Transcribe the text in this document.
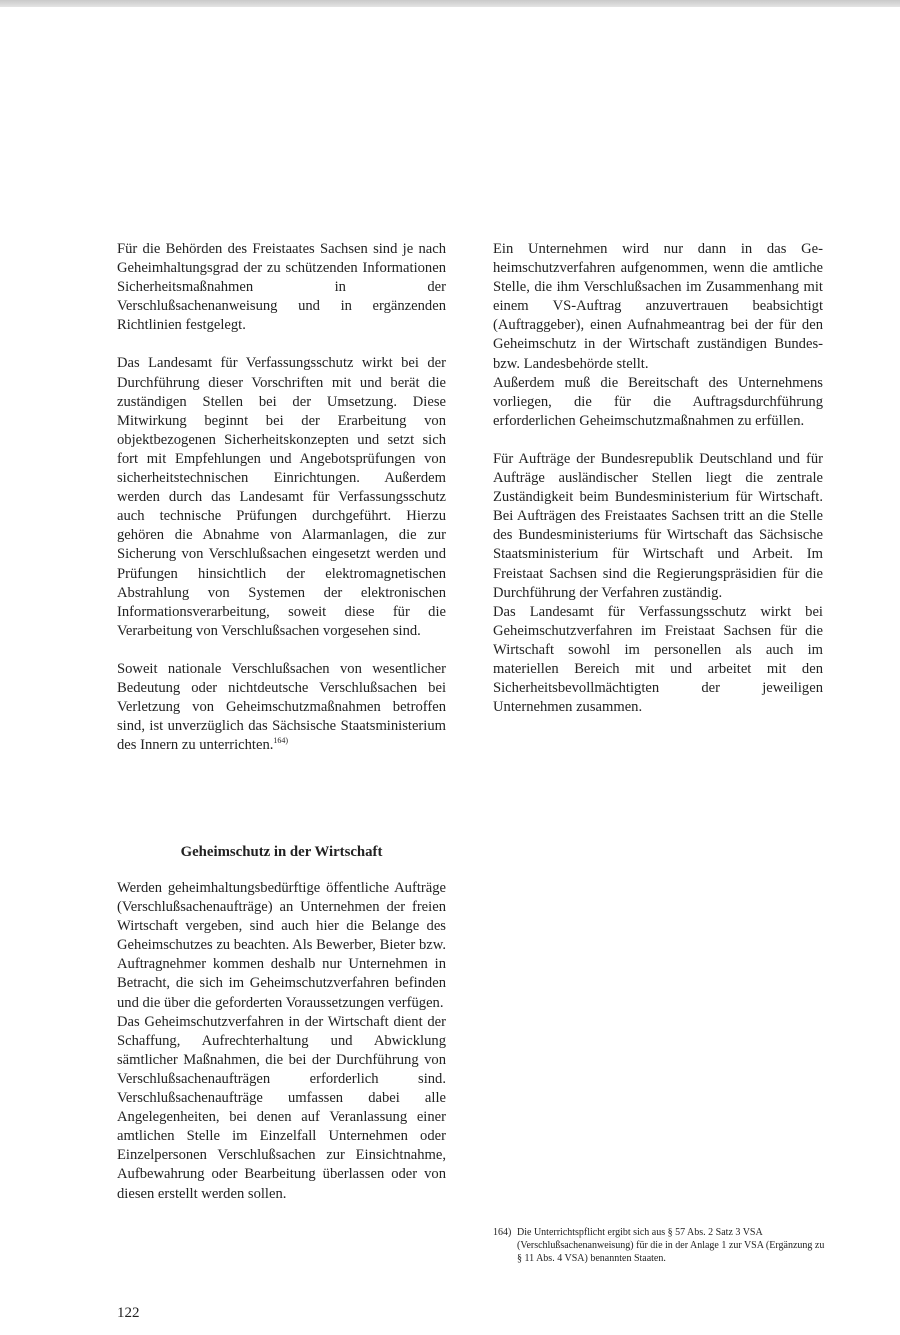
Für die Behörden des Freistaates Sachsen sind je nach Geheimhaltungsgrad der zu schützenden Informationen Sicherheitsmaßnahmen in der Verschlußsachenanweisung und in ergänzenden Richtlinien festgelegt.

Das Landesamt für Verfassungsschutz wirkt bei der Durchführung dieser Vorschriften mit und berät die zuständigen Stellen bei der Umsetzung. Diese Mitwirkung beginnt bei der Erarbeitung von objektbezogenen Sicherheitskonzepten und setzt sich fort mit Empfehlungen und Angebotsprüfungen von sicherheitstechnischen Einrichtungen. Außerdem werden durch das Landesamt für Verfassungsschutz auch technische Prüfungen durchgeführt. Hierzu gehören die Abnahme von Alarmanlagen, die zur Sicherung von Verschlußsachen eingesetzt werden und Prüfungen hinsichtlich der elektromagnetischen Abstrahlung von Systemen der elektronischen Informationsverarbeitung, soweit diese für die Verarbeitung von Verschlußsachen vorgesehen sind.

Soweit nationale Verschlußsachen von wesentlicher Bedeutung oder nichtdeutsche Verschlußsachen bei Verletzung von Geheimschutzmaßnahmen betroffen sind, ist unverzüglich das Sächsische Staatsministerium des Innern zu unterrichten.$^{164)}$

Geheimschutz in der Wirtschaft

Werden geheimhaltungsbedürftige öffentliche Aufträge (Verschlußsachenaufträge) an Unternehmen der freien Wirtschaft vergeben, sind auch hier die Belange des Geheimschutzes zu beachten. Als Bewerber, Bieter bzw. Auftragnehmer kommen deshalb nur Unternehmen in Betracht, die sich im Geheimschutzverfahren befinden und die über die geforderten Voraussetzungen verfügen.

Das Geheimschutzverfahren in der Wirtschaft dient der Schaffung, Aufrechterhaltung und Abwicklung sämtlicher Maßnahmen, die bei der Durchführung von Verschlußsachenaufträgen erforderlich sind. Verschlußsachenaufträge umfassen dabei alle Angelegenheiten, bei denen auf Veranlassung einer amtlichen Stelle im Einzelfall Unternehmen oder Einzelpersonen Verschlußsachen zur Einsichtnahme, Aufbewahrung oder Bearbeitung überlassen oder von diesen erstellt werden sollen.

Ein Unternehmen wird nur dann in das Geheimschutzverfahren aufgenommen, wenn die amtliche Stelle, die ihm Verschlußsachen im Zusammenhang mit einem VS-Auftrag anzuvertrauen beabsichtigt (Auftraggeber), einen Aufnahmeantrag bei der für den Geheimschutz in der Wirtschaft zuständigen Bundes- bzw. Landesbehörde stellt.

Außerdem muß die Bereitschaft des Unternehmens vorliegen, die für die Auftragsdurchführung erforderlichen Geheimschutzmaßnahmen zu erfüllen.

Für Aufträge der Bundesrepublik Deutschland und für Aufträge ausländischer Stellen liegt die zentrale Zuständigkeit beim Bundesministerium für Wirtschaft. Bei Aufträgen des Freistaates Sachsen tritt an die Stelle des Bundesministeriums für Wirtschaft das Sächsische Staatsministerium für Wirtschaft und Arbeit. Im Freistaat Sachsen sind die Regierungspräsidien für die Durchführung der Verfahren zuständig.

Das Landesamt für Verfassungsschutz wirkt bei Geheimschutzverfahren im Freistaat Sachsen für die Wirtschaft sowohl im personellen als auch im materiellen Bereich mit und arbeitet mit den Sicherheitsbevollmächtigten der jeweiligen Unternehmen zusammen.

164) Die Unterrichtspflicht ergibt sich aus § 57 Abs. 2 Satz 3 VSA (Verschlußsachenanweisung) für die in der Anlage 1 zur VSA (Ergänzung zu § 11 Abs. 4 VSA) benannten Staaten.
122
